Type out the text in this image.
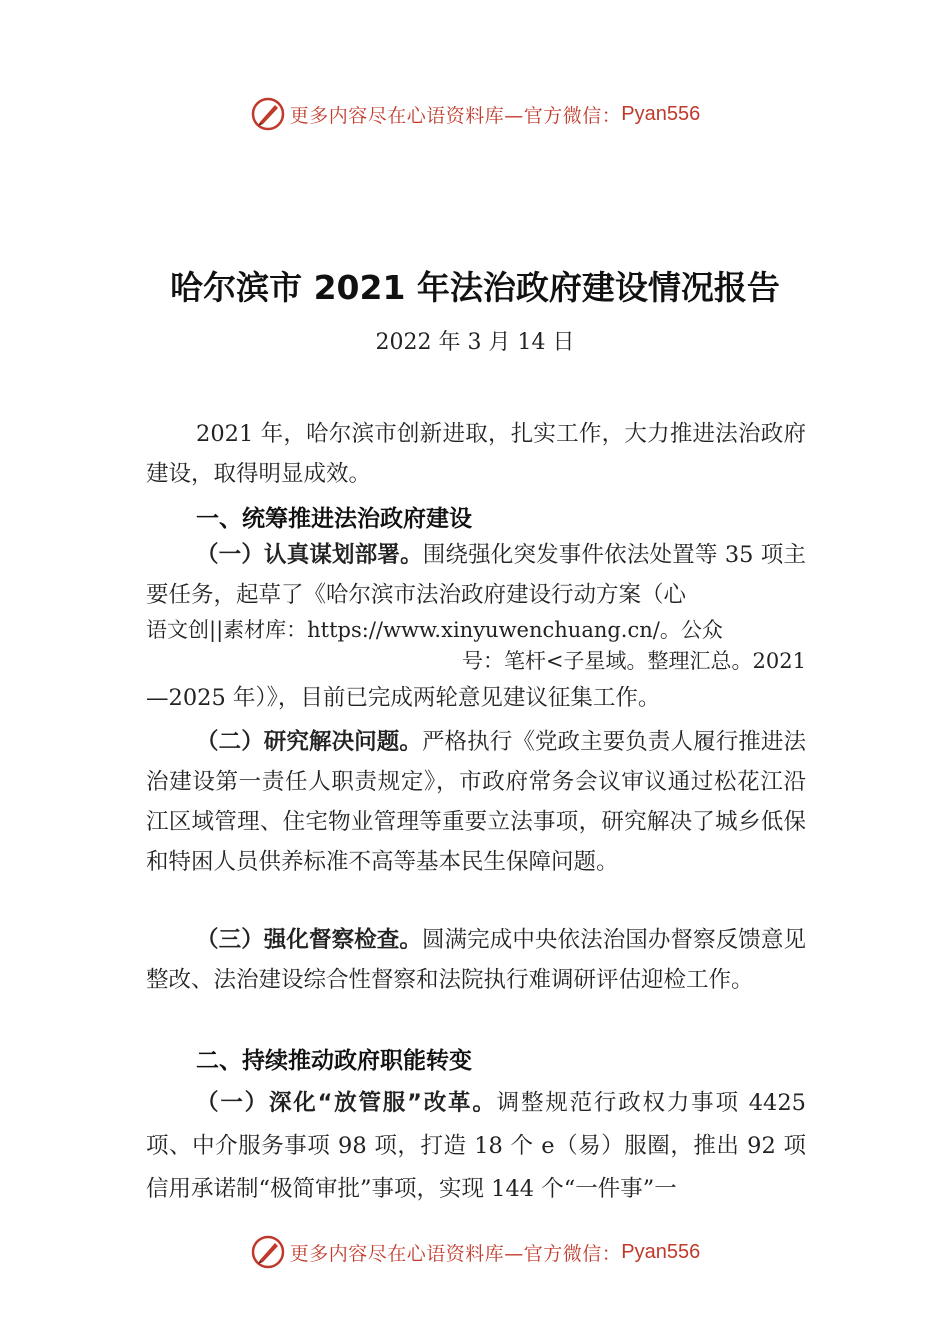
更多内容尽在心语资料库—官方微信： Pyan556
哈尔滨市 2021 年法治政府建设情况报告
2022 年 3 月 14 日
2021 年，哈尔滨市创新进取，扎实工作，大力推进法治政府建设，取得明显成效。
一、统筹推进法治政府建设
（一）认真谋划部署。围绕强化突发事件依法处置等 35 项主要任务，起草了《哈尔滨市法治政府建设行动方案（心
语文创||素材库：https://www.xinyuwenchuang.cn/。公众
号：笔杆<子星域。整理汇总。2021
—2025 年）》，目前已完成两轮意见建议征集工作。
（二）研究解决问题。严格执行《党政主要负责人履行推进法治建设第一责任人职责规定》，市政府常务会议审议通过松花江沿江区域管理、住宅物业管理等重要立法事项，研究解决了城乡低保和特困人员供养标准不高等基本民生保障问题。
（三）强化督察检查。圆满完成中央依法治国办督察反馈意见整改、法治建设综合性督察和法院执行难调研评估迎检工作。
二、持续推动政府职能转变
（一）深化“放管服”改革。调整规范行政权力事项 4425 项、中介服务事项 98 项，打造 18 个 e（易）服圈，推出 92 项信用承诺制“极简审批”事项，实现 144 个“一件事”一
更多内容尽在心语资料库—官方微信： Pyan556
